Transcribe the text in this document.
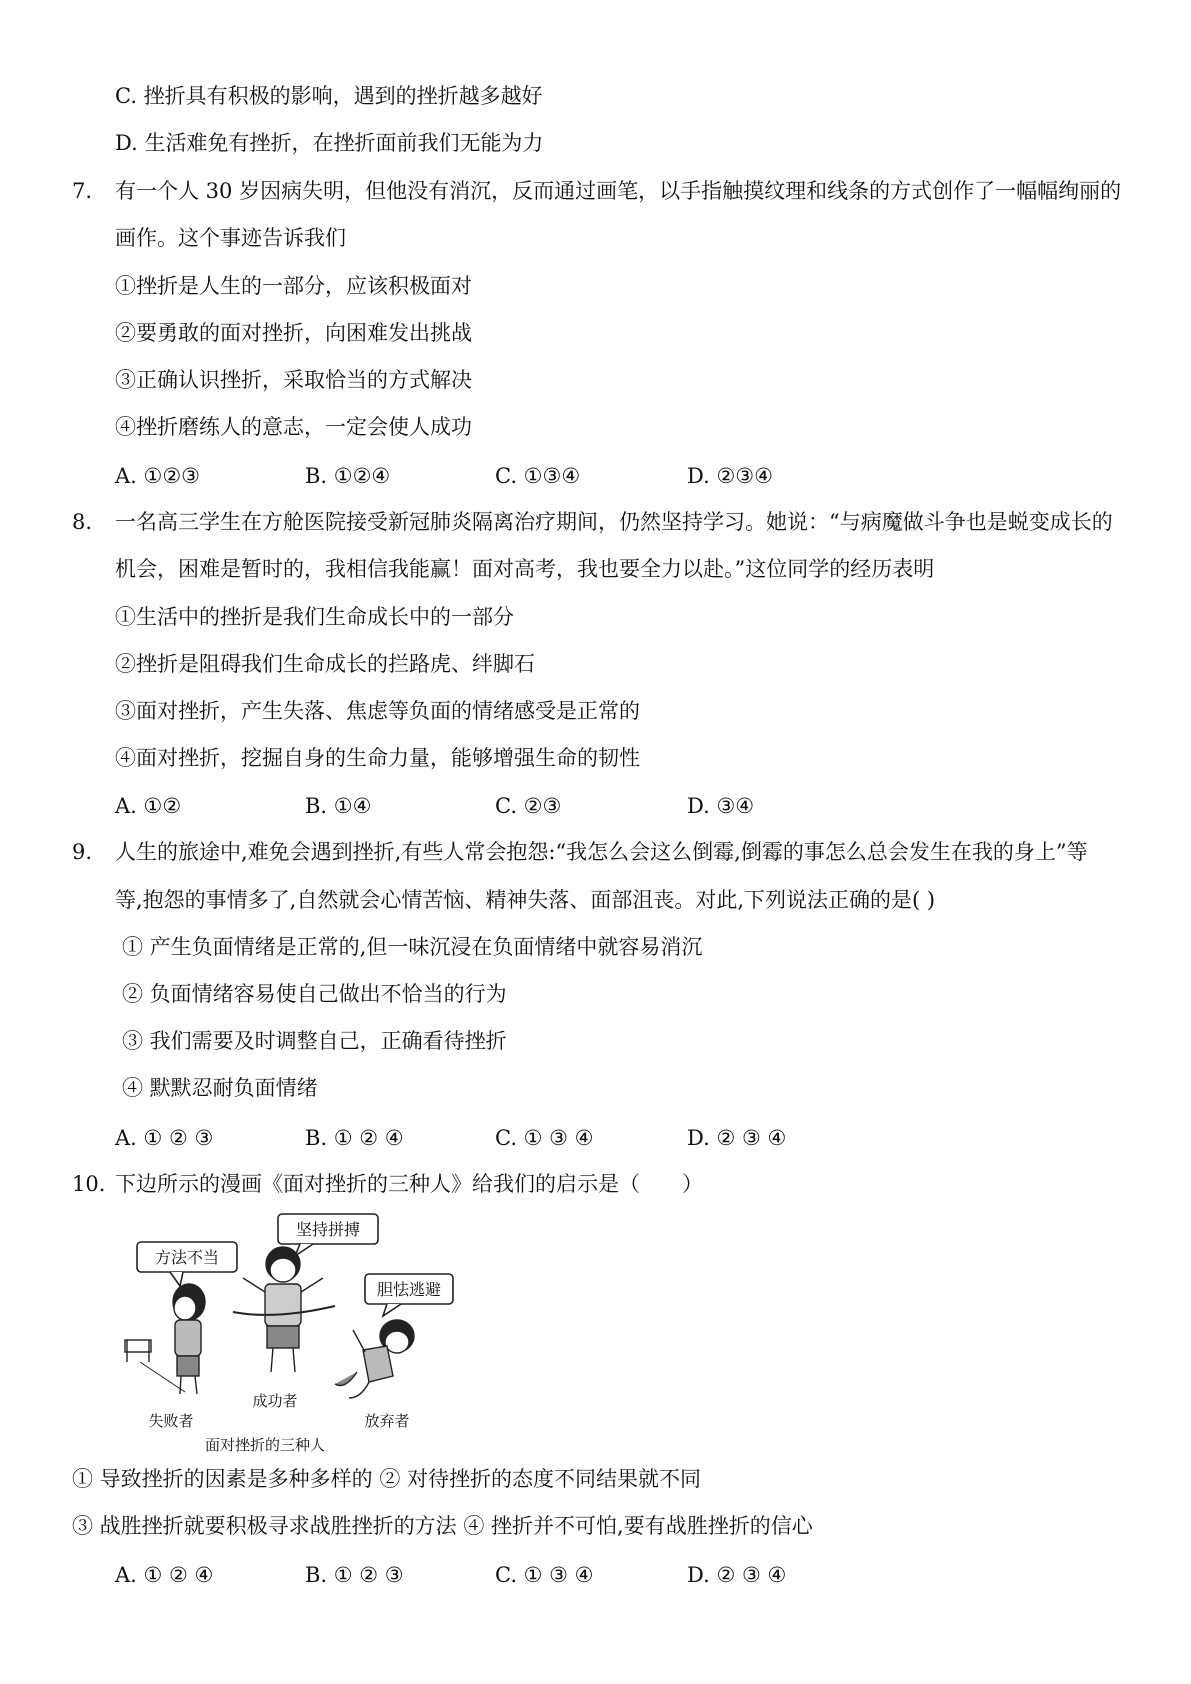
C. 挫折具有积极的影响，遇到的挫折越多越好
D. 生活难免有挫折，在挫折面前我们无能为力
7. 有一个人 30 岁因病失明，但他没有消沉，反而通过画笔，以手指触摸纹理和线条的方式创作了一幅幅绚丽的
画作。这个事迹告诉我们
①挫折是人生的一部分，应该积极面对
②要勇敢的面对挫折，向困难发出挑战
③正确认识挫折，采取恰当的方式解决
④挫折磨练人的意志，一定会使人成功
A. ①②③	B. ①②④	C. ①③④	D. ②③④
8. 一名高三学生在方舱医院接受新冠肺炎隔离治疗期间，仍然坚持学习。她说：“与病魔做斗争也是蜕变成长的
机会，困难是暂时的，我相信我能赢！面对高考，我也要全力以赴。”这位同学的经历表明
①生活中的挫折是我们生命成长中的一部分
②挫折是阻碍我们生命成长的拦路虎、绊脚石
③面对挫折，产生失落、焦虑等负面的情绪感受是正常的
④面对挫折，挖掘自身的生命力量，能够增强生命的韧性
A. ①②	B. ①④	C. ②③	D. ③④
9. 人生的旅途中,难免会遇到挫折,有些人常会抱怨:“我怎么会这么倒霉,倒霉的事怎么总会发生在我的身上”等
等,抱怨的事情多了,自然就会心情苦恼、精神失落、面部沮丧。对此,下列说法正确的是( )
① 产生负面情绪是正常的,但一味沉浸在负面情绪中就容易消沉
② 负面情绪容易使自己做出不恰当的行为
③ 我们需要及时调整自己，正确看待挫折
④ 默默忍耐负面情绪
A. ① ② ③	B. ① ② ④	C. ① ③ ④	D. ② ③ ④
10. 下边所示的漫画《面对挫折的三种人》给我们的启示是（　　）
方法不当
坚持拼搏
胆怯逃避
失败者
成功者
放弃者
面对挫折的三种人
① 导致挫折的因素是多种多样的 ② 对待挫折的态度不同结果就不同
③ 战胜挫折就要积极寻求战胜挫折的方法 ④ 挫折并不可怕,要有战胜挫折的信心
A. ① ② ④	B. ① ② ③	C. ① ③ ④	D. ② ③ ④
